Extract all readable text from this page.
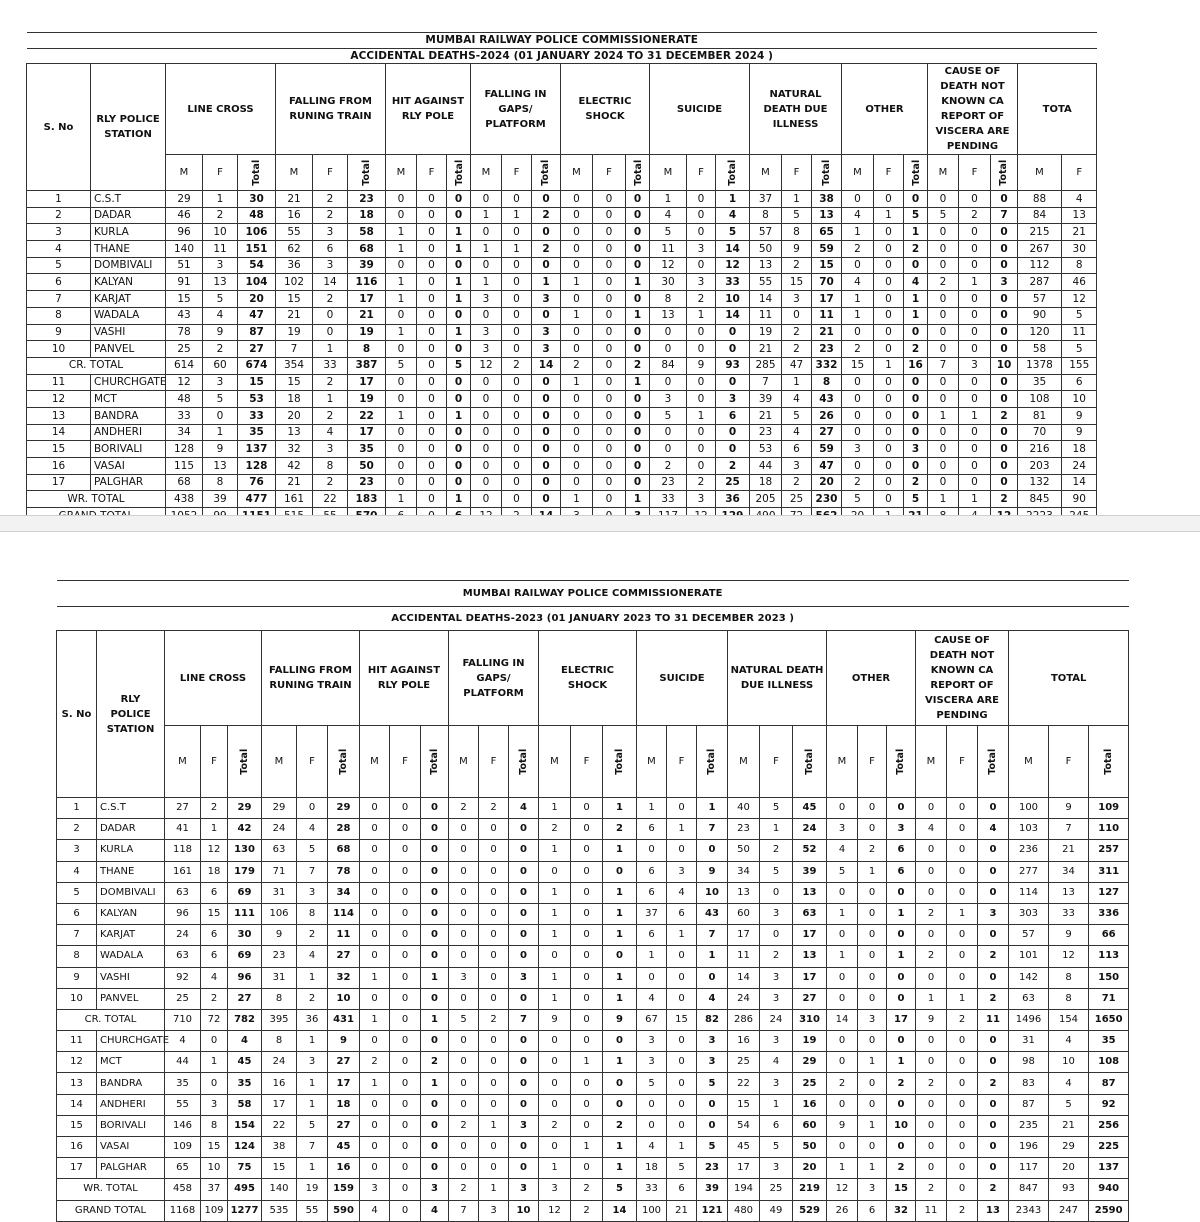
MUMBAI RAILWAY POLICE COMMISSIONERATE																														
ACCIDENTAL DEATHS-2024 (01 JANUARY 2024 TO 31 DECEMBER 2024 )																														
S. No	RLY POLICE STATION	LINE CROSS			FALLING FROM RUNING TRAIN			HIT AGAINST RLY POLE			FALLING IN GAPS/ PLATFORM			ELECTRIC SHOCK			SUICIDE			NATURAL DEATH DUE ILLNESS			OTHER			CAUSE OF DEATH NOT KNOWN CA REPORT OF VISCERA ARE PENDING			TOTA	
		M	F	Total	M	F	Total	M	F	Total	M	F	Total	M	F	Total	M	F	Total	M	F	Total	M	F	Total	M	F	Total	M	F
1	C.S.T	29	1	30	21	2	23	0	0	0	0	0	0	0	0	0	1	0	1	37	1	38	0	0	0	0	0	0	88	4
2	DADAR	46	2	48	16	2	18	0	0	0	1	1	2	0	0	0	4	0	4	8	5	13	4	1	5	5	2	7	84	13
3	KURLA	96	10	106	55	3	58	1	0	1	0	0	0	0	0	0	5	0	5	57	8	65	1	0	1	0	0	0	215	21
4	THANE	140	11	151	62	6	68	1	0	1	1	1	2	0	0	0	11	3	14	50	9	59	2	0	2	0	0	0	267	30
5	DOMBIVALI	51	3	54	36	3	39	0	0	0	0	0	0	0	0	0	12	0	12	13	2	15	0	0	0	0	0	0	112	8
6	KALYAN	91	13	104	102	14	116	1	0	1	1	0	1	1	0	1	30	3	33	55	15	70	4	0	4	2	1	3	287	46
7	KARJAT	15	5	20	15	2	17	1	0	1	3	0	3	0	0	0	8	2	10	14	3	17	1	0	1	0	0	0	57	12
8	WADALA	43	4	47	21	0	21	0	0	0	0	0	0	1	0	1	13	1	14	11	0	11	1	0	1	0	0	0	90	5
9	VASHI	78	9	87	19	0	19	1	0	1	3	0	3	0	0	0	0	0	0	19	2	21	0	0	0	0	0	0	120	11
10	PANVEL	25	2	27	7	1	8	0	0	0	3	0	3	0	0	0	0	0	0	21	2	23	2	0	2	0	0	0	58	5
CR. TOTAL		614	60	674	354	33	387	5	0	5	12	2	14	2	0	2	84	9	93	285	47	332	15	1	16	7	3	10	1378	155
11	CHURCHGATE	12	3	15	15	2	17	0	0	0	0	0	0	1	0	1	0	0	0	7	1	8	0	0	0	0	0	0	35	6
12	MCT	48	5	53	18	1	19	0	0	0	0	0	0	0	0	0	3	0	3	39	4	43	0	0	0	0	0	0	108	10
13	BANDRA	33	0	33	20	2	22	1	0	1	0	0	0	0	0	0	5	1	6	21	5	26	0	0	0	1	1	2	81	9
14	ANDHERI	34	1	35	13	4	17	0	0	0	0	0	0	0	0	0	0	0	0	23	4	27	0	0	0	0	0	0	70	9
15	BORIVALI	128	9	137	32	3	35	0	0	0	0	0	0	0	0	0	0	0	0	53	6	59	3	0	3	0	0	0	216	18
16	VASAI	115	13	128	42	8	50	0	0	0	0	0	0	0	0	0	2	0	2	44	3	47	0	0	0	0	0	0	203	24
17	PALGHAR	68	8	76	21	2	23	0	0	0	0	0	0	0	0	0	23	2	25	18	2	20	2	0	2	0	0	0	132	14
WR. TOTAL		438	39	477	161	22	183	1	0	1	0	0	0	1	0	1	33	3	36	205	25	230	5	0	5	1	1	2	845	90

MUMBAI RAILWAY POLICE COMMISSIONERATE																															
ACCIDENTAL DEATHS-2023 (01 JANUARY 2023 TO 31 DECEMBER 2023 )																															
S. No	RLY POLICE STATION	LINE CROSS			FALLING FROM RUNING TRAIN			HIT AGAINST RLY POLE			FALLING IN GAPS/ PLATFORM			ELECTRIC SHOCK			SUICIDE			NATURAL DEATH DUE ILLNESS			OTHER			CAUSE OF DEATH NOT KNOWN CA REPORT OF VISCERA ARE PENDING			TOTAL		
		M	F	Total	M	F	Total	M	F	Total	M	F	Total	M	F	Total	M	F	Total	M	F	Total	M	F	Total	M	F	Total	M	F	Total
1	C.S.T	27	2	29	29	0	29	0	0	0	2	2	4	1	0	1	1	0	1	40	5	45	0	0	0	0	0	0	100	9	109
2	DADAR	41	1	42	24	4	28	0	0	0	0	0	0	2	0	2	6	1	7	23	1	24	3	0	3	4	0	4	103	7	110
3	KURLA	118	12	130	63	5	68	0	0	0	0	0	0	1	0	1	0	0	0	50	2	52	4	2	6	0	0	0	236	21	257
4	THANE	161	18	179	71	7	78	0	0	0	0	0	0	0	0	0	6	3	9	34	5	39	5	1	6	0	0	0	277	34	311
5	DOMBIVALI	63	6	69	31	3	34	0	0	0	0	0	0	1	0	1	6	4	10	13	0	13	0	0	0	0	0	0	114	13	127
6	KALYAN	96	15	111	106	8	114	0	0	0	0	0	0	1	0	1	37	6	43	60	3	63	1	0	1	2	1	3	303	33	336
7	KARJAT	24	6	30	9	2	11	0	0	0	0	0	0	1	0	1	6	1	7	17	0	17	0	0	0	0	0	0	57	9	66
8	WADALA	63	6	69	23	4	27	0	0	0	0	0	0	0	0	0	1	0	1	11	2	13	1	0	1	2	0	2	101	12	113
9	VASHI	92	4	96	31	1	32	1	0	1	3	0	3	1	0	1	0	0	0	14	3	17	0	0	0	0	0	0	142	8	150
10	PANVEL	25	2	27	8	2	10	0	0	0	0	0	0	1	0	1	4	0	4	24	3	27	0	0	0	1	1	2	63	8	71
CR. TOTAL		710	72	782	395	36	431	1	0	1	5	2	7	9	0	9	67	15	82	286	24	310	14	3	17	9	2	11	1496	154	1650
11	CHURCHGATE	4	0	4	8	1	9	0	0	0	0	0	0	0	0	0	3	0	3	16	3	19	0	0	0	0	0	0	31	4	35
12	MCT	44	1	45	24	3	27	2	0	2	0	0	0	0	1	1	3	0	3	25	4	29	0	1	1	0	0	0	98	10	108
13	BANDRA	35	0	35	16	1	17	1	0	1	0	0	0	0	0	0	5	0	5	22	3	25	2	0	2	2	0	2	83	4	87
14	ANDHERI	55	3	58	17	1	18	0	0	0	0	0	0	0	0	0	0	0	0	15	1	16	0	0	0	0	0	0	87	5	92
15	BORIVALI	146	8	154	22	5	27	0	0	0	2	1	3	2	0	2	0	0	0	54	6	60	9	1	10	0	0	0	235	21	256
16	VASAI	109	15	124	38	7	45	0	0	0	0	0	0	0	1	1	4	1	5	45	5	50	0	0	0	0	0	0	196	29	225
17	PALGHAR	65	10	75	15	1	16	0	0	0	0	0	0	1	0	1	18	5	23	17	3	20	1	1	2	0	0	0	117	20	137
WR. TOTAL		458	37	495	140	19	159	3	0	3	2	1	3	3	2	5	33	6	39	194	25	219	12	3	15	2	0	2	847	93	940
GRAND TOTAL		1168	109	1277	535	55	590	4	0	4	7	3	10	12	2	14	100	21	121	480	49	529	26	6	32	11	2	13	2343	247	2590
